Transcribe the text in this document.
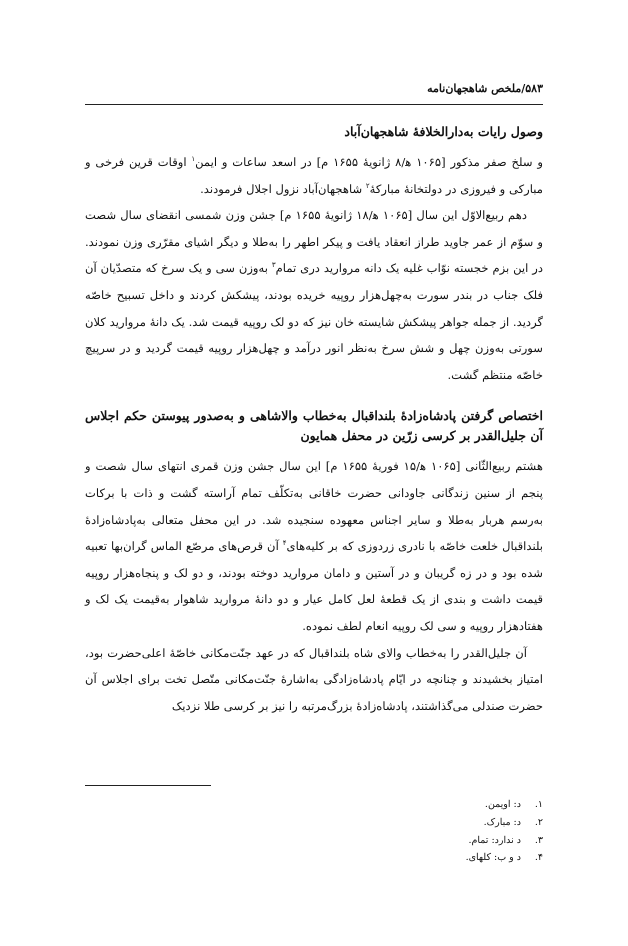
۵۸۳/ملخص شاهجهان‌نامه
وصول رایات به‌دارالخلافهٔ شاهجهان‌آباد

و سلخ صفر مذکور [۱۰۶۵ ه‍/۸ ژانویهٔ ۱۶۵۵ م] در اسعد ساعات و ایمن$^۱$ اوقات قرین فرخی و مبارکی و فیروزی در دولتخانهٔ مبارکهٔ$^۲$ شاهجهان‌آباد نزول اجلال فرمودند.

دهم ربیع‌الاوّل این سال [۱۰۶۵ ه‍/۱۸ ژانویهٔ ۱۶۵۵ م] جشن وزن شمسی انقضای سال شصت و سوّم از عمر جاوید طراز انعقاد یافت و پیکر اطهر را به‌طلا و دیگر اشیای مقرّری وزن نمودند. در این بزم خجسته نوّاب غلیه یک دانه مروارید دری تمام$^۳$ به‌وزن سی و یک سرخ که متصدّیان آن فلک جناب در بندر سورت به‌چهل‌هزار روپیه خریده بودند، پیشکش کردند و داخل تسبیح خاصّه گردید. از جمله جواهر پیشکش شایسته خان نیز که دو لک روپیه قیمت شد. یک دانهٔ مروارید کلان سورتی به‌وزن چهل و شش سرخ به‌نظر انور درآمد و چهل‌هزار روپیه قیمت گردید و در سرپیچ خاصّه منتظم گشت.

اختصاص گرفتن پادشاه‌زادهٔ بلنداقبال به‌خطاب والاشاهی و به‌صدور پیوستن حکم اجلاس آن جلیل‌القدر بر کرسی زرّین در محفل همایون

هشتم ربیع‌الثّانی [۱۰۶۵ ه‍/۱۵ فوریهٔ ۱۶۵۵ م] این سال جشن وزن قمری انتهای سال شصت و پنجم از سنین زندگانی جاودانی حضرت خاقانی به‌تکلّف تمام آراسته گشت و ذات با برکات به‌رسم هربار به‌طلا و سایر اجناس معهوده سنجیده شد. در این محفل متعالی به‌پادشاه‌زادهٔ بلنداقبال خلعت خاصّه با نادری زردوزی که بر کلیه‌های$^۴$ آن قرص‌های مرصّع الماس گران‌بها تعبیه شده بود و در زه گریبان و در آستین و دامان مروارید دوخته بودند، و دو لک و پنجاه‌هزار روپیه قیمت داشت و بندی از یک قطعهٔ لعل کامل عیار و دو دانهٔ مروارید شاهوار به‌قیمت یک لک و هفتادهزار روپیه و سی لک روپیه انعام لطف نموده.

آن جلیل‌القدر را به‌خطاب والای شاه بلنداقبال که در عهد جنّت‌مکانی خاصّهٔ اعلی‌حضرت بود، امتیاز بخشیدند و چنانچه در ایّام پادشاه‌زادگی به‌اشارهٔ جنّت‌مکانی متّصل تخت برای اجلاس آن حضرت صندلی می‌گذاشتند، پادشاه‌زادهٔ بزرگ‌مرتبه را نیز بر کرسی طلا نزدیک

۱.د: اویمن.
۲.د: مبارک.
۳.د ندارد: تمام.
۴.د و ب: کلهای.
